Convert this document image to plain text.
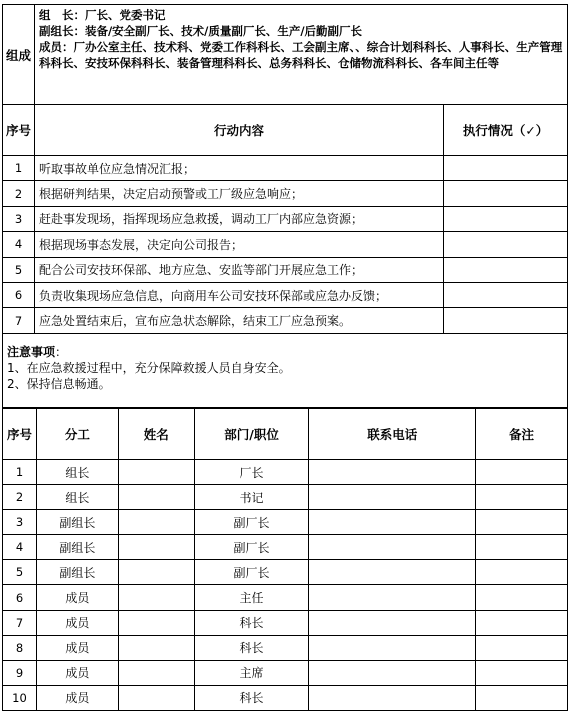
组成	组　长：厂长、党委书记
副组长：装备/安全副厂长、技术/质量副厂长、生产/后勤副厂长
成员：厂办公室主任、技术科、党委工作科科长、工会副主席、、综合计划科科长、人事科长、生产管理科科长、安技环保科科长、装备管理科科长、总务科科长、仓储物流科科长、各车间主任等	

序号	行动内容	执行情况（✓）
1	听取事故单位应急情况汇报；	
2	根据研判结果，决定启动预警或工厂级应急响应；	
3	赶赴事发现场，指挥现场应急救援，调动工厂内部应急资源；	
4	根据现场事态发展，决定向公司报告；	
5	配合公司安技环保部、地方应急、安监等部门开展应急工作；	
6	负责收集现场应急信息，向商用车公司安技环保部或应急办反馈；	
7	应急处置结束后，宣布应急状态解除，结束工厂应急预案。	

注意事项：
1、在应急救援过程中，充分保障救援人员自身安全。
2、保持信息畅通。		
序号	分工	姓名	部门/职位	联系电话	备注
1	组长		厂长		
2	组长		书记		
3	副组长		副厂长		
4	副组长		副厂长		
5	副组长		副厂长		
6	成员		主任		
7	成员		科长		
8	成员		科长		
9	成员		主席		
10	成员		科长		
